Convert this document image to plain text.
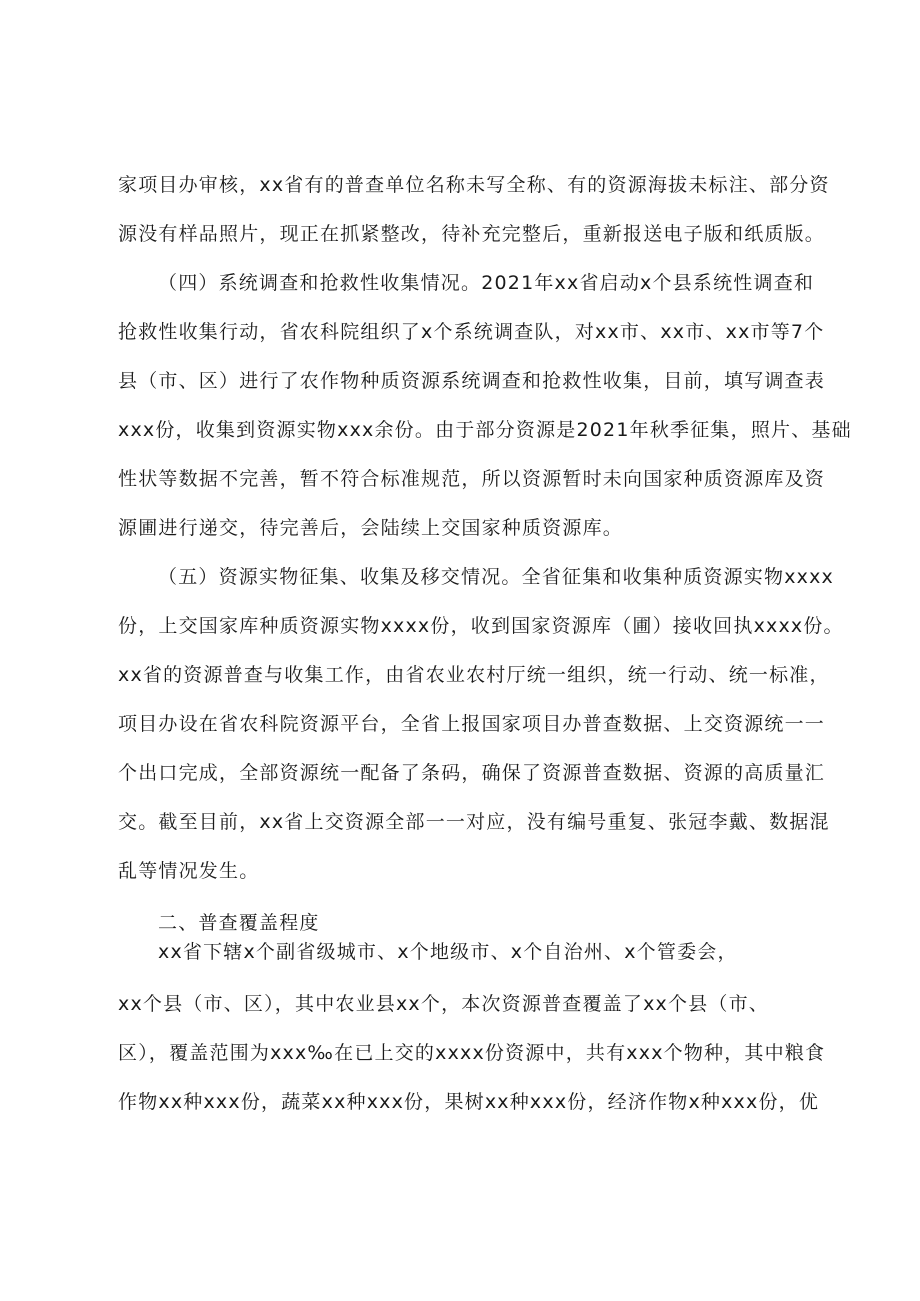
家项目办审核，xx省有的普查单位名称未写全称、有的资源海拔未标注、部分资
源没有样品照片，现正在抓紧整改，待补充完整后，重新报送电子版和纸质版。
（四）系统调查和抢救性收集情况。2021年xx省启动x个县系统性调查和
抢救性收集行动，省农科院组织了x个系统调查队，对xx市、xx市、xx市等7个
县（市、区）进行了农作物种质资源系统调查和抢救性收集，目前，填写调查表
xxx份，收集到资源实物xxx余份。由于部分资源是2021年秋季征集，照片、基础
性状等数据不完善，暂不符合标准规范，所以资源暂时未向国家种质资源库及资
源圃进行递交，待完善后，会陆续上交国家种质资源库。
（五）资源实物征集、收集及移交情况。全省征集和收集种质资源实物xxxx
份，上交国家库种质资源实物xxxx份，收到国家资源库（圃）接收回执xxxx份。
xx省的资源普查与收集工作，由省农业农村厅统一组织，统一行动、统一标准，
项目办设在省农科院资源平台，全省上报国家项目办普查数据、上交资源统一一
个出口完成，全部资源统一配备了条码，确保了资源普查数据、资源的高质量汇
交。截至目前，xx省上交资源全部一一对应，没有编号重复、张冠李戴、数据混
乱等情况发生。
二、普查覆盖程度
xx省下辖x个副省级城市、x个地级市、x个自治州、x个管委会，
xx个县（市、区），其中农业县xx个，本次资源普查覆盖了xx个县（市、
区），覆盖范围为xxx‰在已上交的xxxx份资源中，共有xxx个物种，其中粮食
作物xx种xxx份，蔬菜xx种xxx份，果树xx种xxx份，经济作物x种xxx份，优
